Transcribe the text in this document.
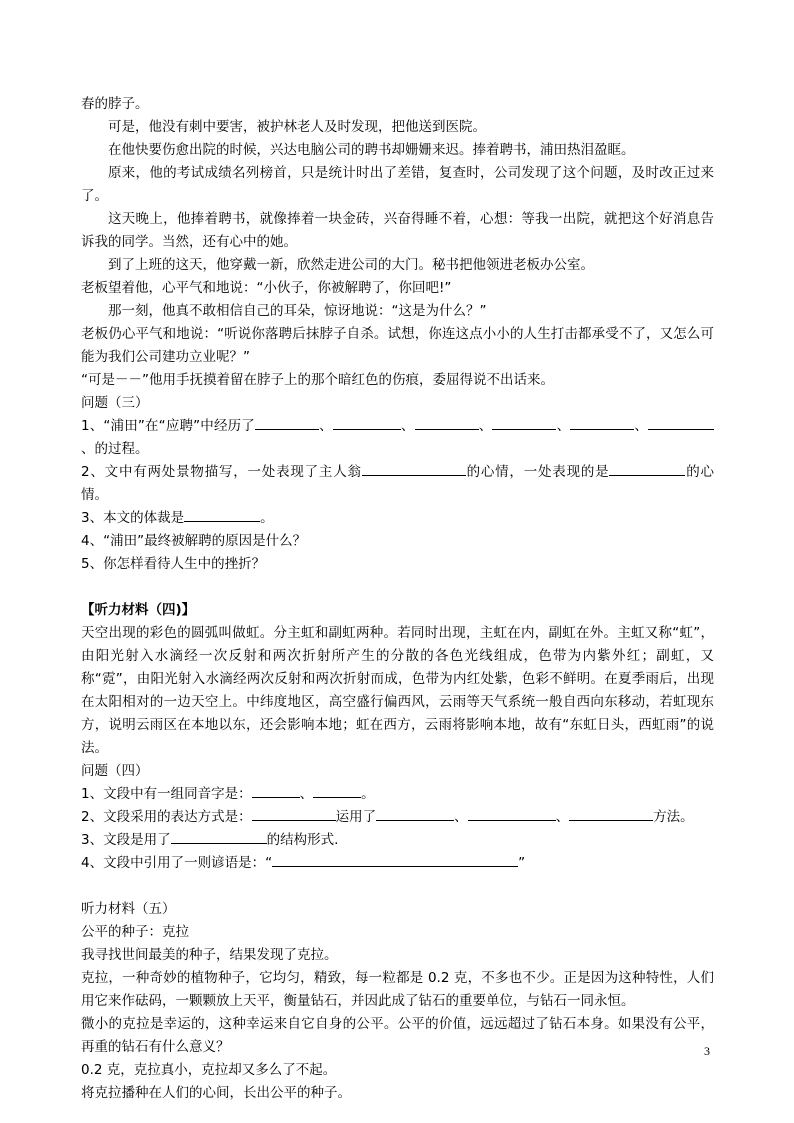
春的脖子。

可是，他没有刺中要害，被护林老人及时发现，把他送到医院。

在他快要伤愈出院的时候，兴达电脑公司的聘书却姗姗来迟。捧着聘书，浦田热泪盈眶。

原来，他的考试成绩名列榜首，只是统计时出了差错，复查时，公司发现了这个问题，及时改正过来了。

这天晚上，他捧着聘书，就像捧着一块金砖，兴奋得睡不着，心想：等我一出院，就把这个好消息告诉我的同学。当然，还有心中的她。

到了上班的这天，他穿戴一新，欣然走进公司的大门。秘书把他领进老板办公室。

老板望着他，心平气和地说：“小伙子，你被解聘了，你回吧!”

那一刻，他真不敢相信自己的耳朵，惊讶地说：“这是为什么？”

老板仍心平气和地说：“听说你落聘后抹脖子自杀。试想，你连这点小小的人生打击都承受不了，又怎么可能为我们公司建功立业呢？”

“可是－－”他用手抚摸着留在脖子上的那个暗红色的伤痕，委屈得说不出话来。

问题（三）

1、“浦田”在“应聘”中经历了	、	、	、	、	、、的过程。

2、文中有两处景物描写，一处表现了主人翁	的心情，一处表现的是	的心情。

3、本文的体裁是	。

4、“浦田”最终被解聘的原因是什么？

5、你怎样看待人生中的挫折？

【听力材料（四)】

天空出现的彩色的圆弧叫做虹。分主虹和副虹两种。若同时出现，主虹在内，副虹在外。主虹又称“虹”，由阳光射入水滴经一次反射和两次折射所产生的分散的各色光线组成，色带为内紫外红；副虹，又称“霓”，由阳光射入水滴经两次反射和两次折射而成，色带为内红处紫，色彩不鲜明。在夏季雨后，出现在太阳相对的一边天空上。中纬度地区，高空盛行偏西风，云雨等天气系统一般自西向东移动，若虹现东方，说明云雨区在本地以东，还会影响本地；虹在西方，云雨将影响本地，故有“东虹日头，西虹雨”的说法。

问题（四）

1、文段中有一组同音字是：	、	。

2、文段采用的表达方式是：	运用了	、	、	方法。

3、文段是用了	的结构形式.

4、文段中引用了一则谚语是：“	”

听力材料（五）

公平的种子：克拉

我寻找世间最美的种子，结果发现了克拉。

克拉，一种奇妙的植物种子，它均匀，精致，每一粒都是 0.2 克，不多也不少。正是因为这种特性，人们用它来作砝码，一颗颗放上天平，衡量钻石，并因此成了钻石的重要单位，与钻石一同永恒。

微小的克拉是幸运的，这种幸运来自它自身的公平。公平的价值，远远超过了钻石本身。如果没有公平，再重的钻石有什么意义？

0.2 克，克拉真小，克拉却又多么了不起。

将克拉播种在人们的心间，长出公平的种子。

3
